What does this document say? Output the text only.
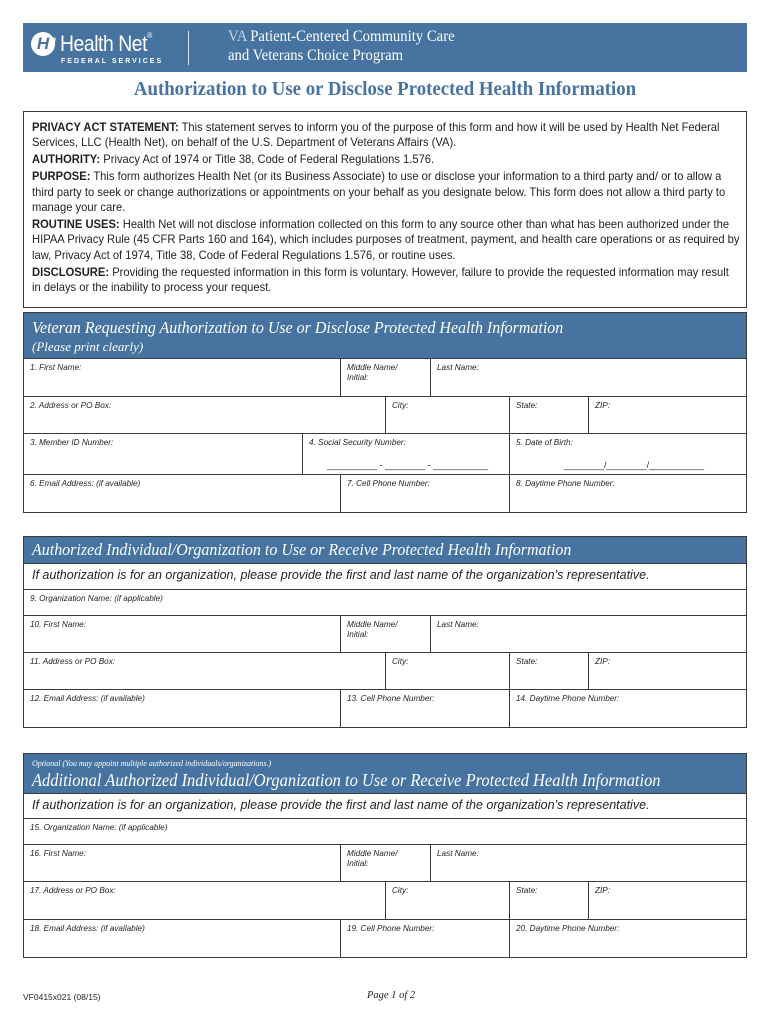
H n Health Net®
FEDERAL SERVICES
VA Patient-Centered Community Care
and Veterans Choice Program
Authorization to Use or Disclose Protected Health Information

PRIVACY ACT STATEMENT: This statement serves to inform you of the purpose of this form and how it will be used by Health Net Federal Services, LLC (Health Net), on behalf of the U.S. Department of Veterans Affairs (VA).

AUTHORITY: Privacy Act of 1974 or Title 38, Code of Federal Regulations 1.576.

PURPOSE: This form authorizes Health Net (or its Business Associate) to use or disclose your information to a third party and/ or to allow a third party to seek or change authorizations or appointments on your behalf as you designate below. This form does not allow a third party to manage your care.

ROUTINE USES: Health Net will not disclose information collected on this form to any source other than what has been authorized under the HIPAA Privacy Rule (45 CFR Parts 160 and 164), which includes purposes of treatment, payment, and health care operations or as required by law, Privacy Act of 1974, Title 38, Code of Federal Regulations 1.576, or routine uses.

DISCLOSURE: Providing the requested information in this form is voluntary. However, failure to provide the requested information may result in delays or the inability to process your request.

Veteran Requesting Authorization to Use or Disclose Protected Health Information
(Please print clearly)
1. First Name:	Middle Name/
Initial:
Last Name:
2. Address or PO Box:	City:	State:	ZIP:
3. Member ID Number:	4. Social Security Number:
__________ - ________ - ___________
5. Date of Birth:
________/________/___________
6. Email Address: (if available)	7. Cell Phone Number:	8. Daytime Phone Number:
Authorized Individual/Organization to Use or Receive Protected Health Information
If authorization is for an organization, please provide the first and last name of the organization’s representative.
9. Organization Name: (if applicable)
10. First Name:	Middle Name/
Initial:
Last Name:
11. Address or PO Box:	City:	State:	ZIP:
12. Email Address: (if available)	13. Cell Phone Number:	14. Daytime Phone Number:
Optional (You may appoint multiple authorized individuals/organizations.)
Additional Authorized Individual/Organization to Use or Receive Protected Health Information
If authorization is for an organization, please provide the first and last name of the organization’s representative.
15. Organization Name: (if applicable)
16. First Name:	Middle Name/
Initial:
Last Name:
17. Address or PO Box:	City:	State:	ZIP:
18. Email Address: (if available)	19. Cell Phone Number:	20. Daytime Phone Number:
VF0415x021 (08/15)	Page 1 of 2
